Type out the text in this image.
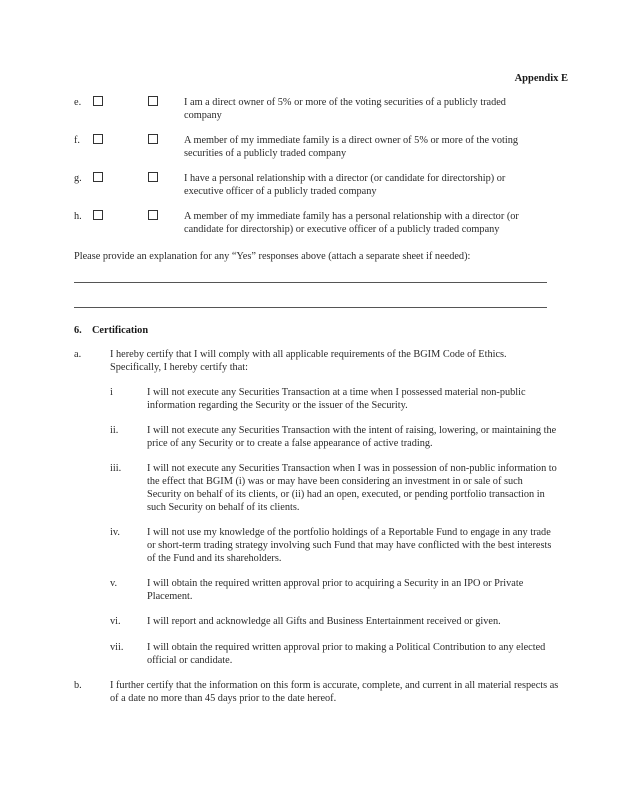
Appendix E
e.	I am a direct owner of 5% or more of the voting securities of a publicly traded company
f.	A member of my immediate family is a direct owner of 5% or more of the voting securities of a publicly traded company
g.	I have a personal relationship with a director (or candidate for directorship) or executive officer of a publicly traded company
h.	A member of my immediate family has a personal relationship with a director (or candidate for directorship) or executive officer of a publicly traded company
Please provide an explanation for any “Yes” responses above (attach a separate sheet if needed):
6. Certification
a.	I hereby certify that I will comply with all applicable requirements of the BGIM Code of Ethics. Specifically, I hereby certify that:
i	I will not execute any Securities Transaction at a time when I possessed material non-public information regarding the Security or the issuer of the Security.
ii.	I will not execute any Securities Transaction with the intent of raising, lowering, or maintaining the price of any Security or to create a false appearance of active trading.
iii.	I will not execute any Securities Transaction when I was in possession of non-public information to the effect that BGIM (i) was or may have been considering an investment in or sale of such Security on behalf of its clients, or (ii) had an open, executed, or pending portfolio transaction in such Security on behalf of its clients.
iv.	I will not use my knowledge of the portfolio holdings of a Reportable Fund to engage in any trade or short-term trading strategy involving such Fund that may have conflicted with the best interests of the Fund and its shareholders.
v.	I will obtain the required written approval prior to acquiring a Security in an IPO or Private Placement.
vi.	I will report and acknowledge all Gifts and Business Entertainment received or given.
vii. I will obtain the required written approval prior to making a Political Contribution to any elected official or candidate.
b.	I further certify that the information on this form is accurate, complete, and current in all material respects as of a date no more than 45 days prior to the date hereof.
